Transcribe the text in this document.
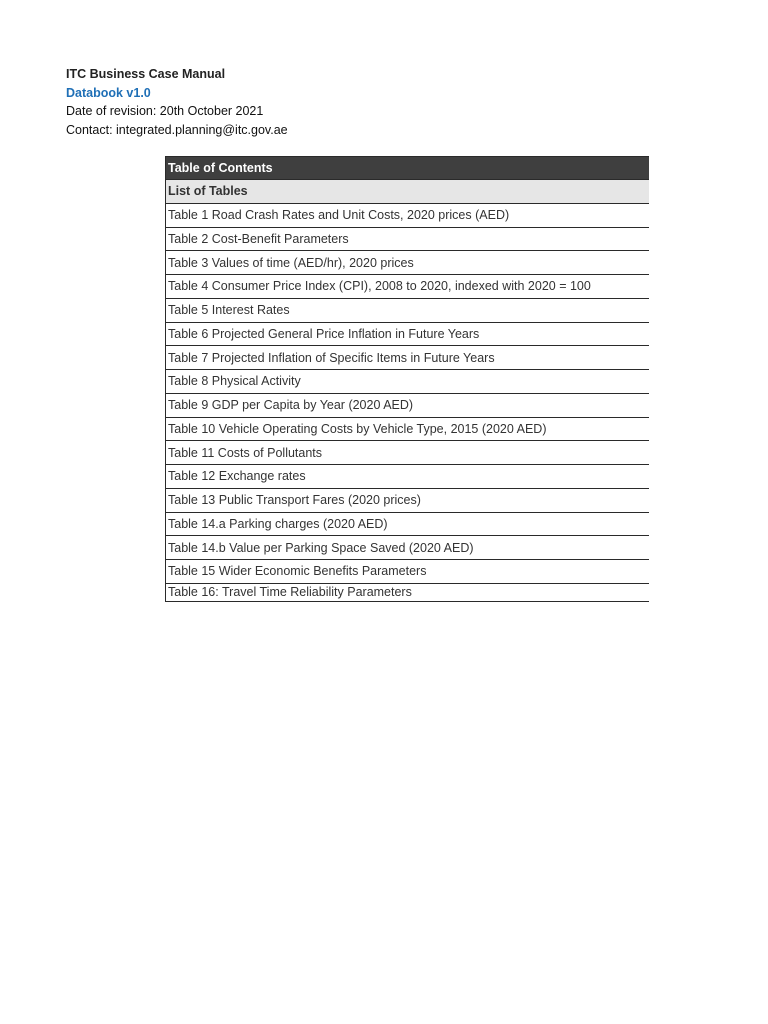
ITC Business Case Manual
Databook v1.0
Date of revision: 20th October 2021
Contact: integrated.planning@itc.gov.ae
Table of Contents
List of Tables
Table 1 Road Crash Rates and Unit Costs, 2020 prices (AED)
Table 2 Cost-Benefit Parameters
Table 3 Values of time (AED/hr), 2020 prices
Table 4 Consumer Price Index (CPI), 2008 to 2020, indexed with 2020 = 100
Table 5 Interest Rates
Table 6 Projected General Price Inflation in Future Years
Table 7 Projected Inflation of Specific Items in Future Years
Table 8 Physical Activity
Table 9 GDP per Capita by Year (2020 AED)
Table 10 Vehicle Operating Costs by Vehicle Type, 2015 (2020 AED)
Table 11 Costs of Pollutants
Table 12 Exchange rates
Table 13 Public Transport Fares (2020 prices)
Table 14.a Parking charges (2020 AED)
Table 14.b Value per Parking Space Saved (2020 AED)
Table 15 Wider Economic Benefits Parameters
Table 16: Travel Time Reliability Parameters
